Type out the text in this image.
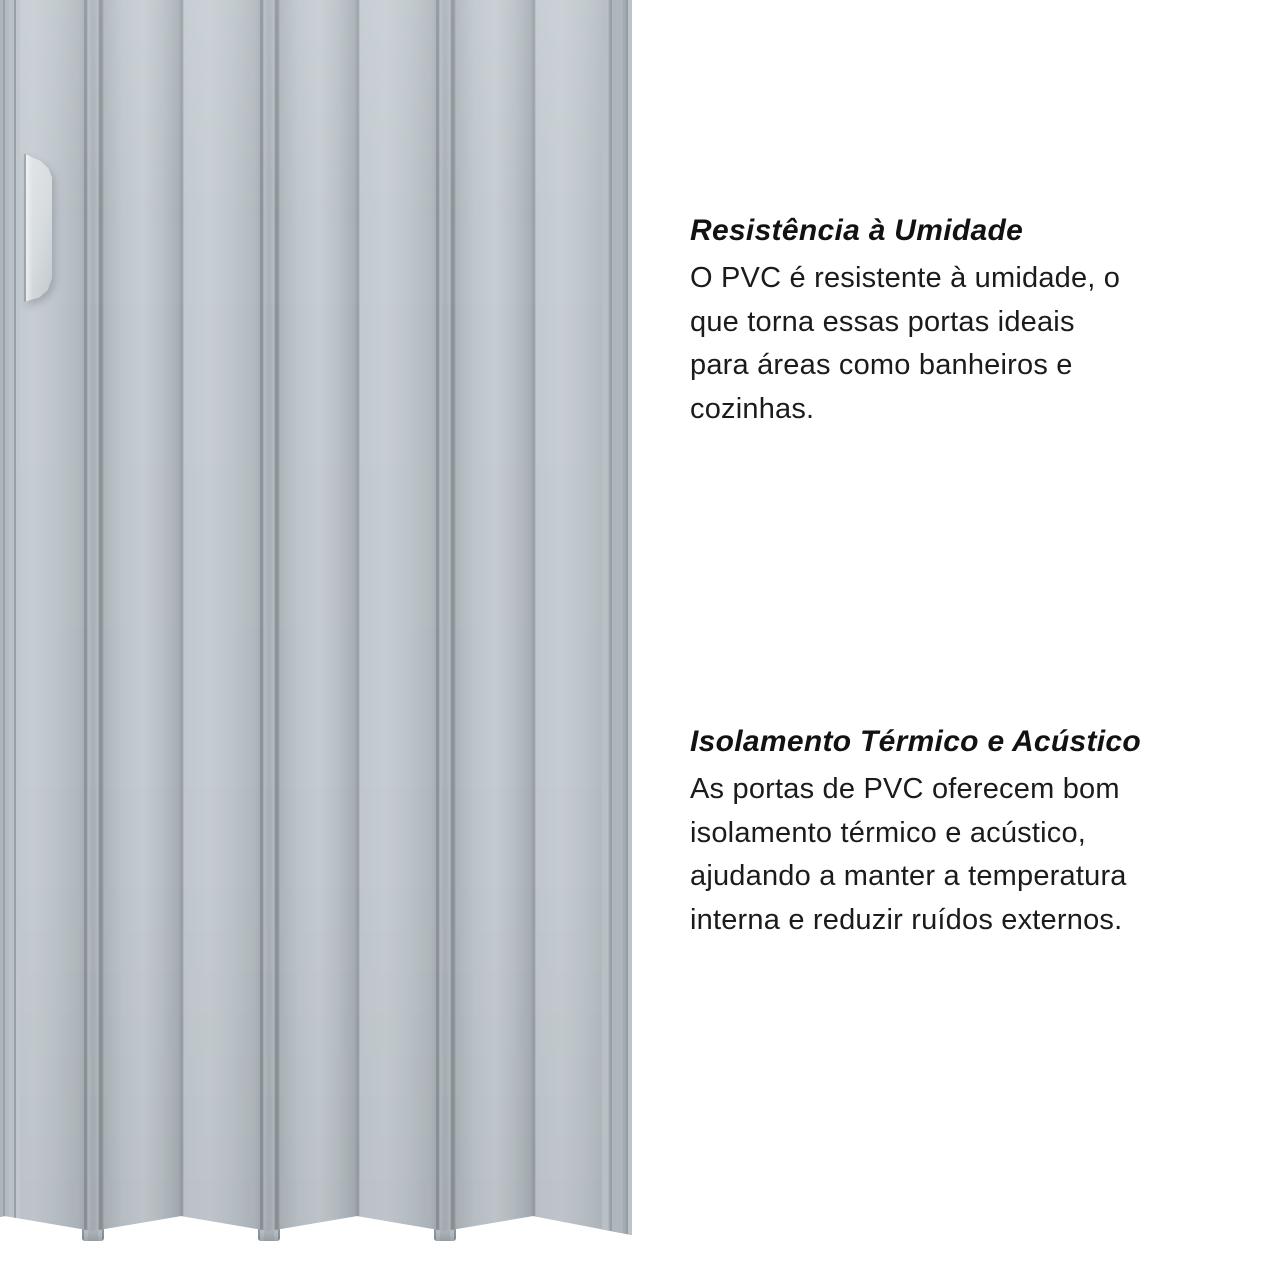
Resistência à Umidade
O PVC é resistente à umidade, o
que torna essas portas ideais
para áreas como banheiros e
cozinhas.
Isolamento Térmico e Acústico
As portas de PVC oferecem bom
isolamento térmico e acústico,
ajudando a manter a temperatura
interna e reduzir ruídos externos.
